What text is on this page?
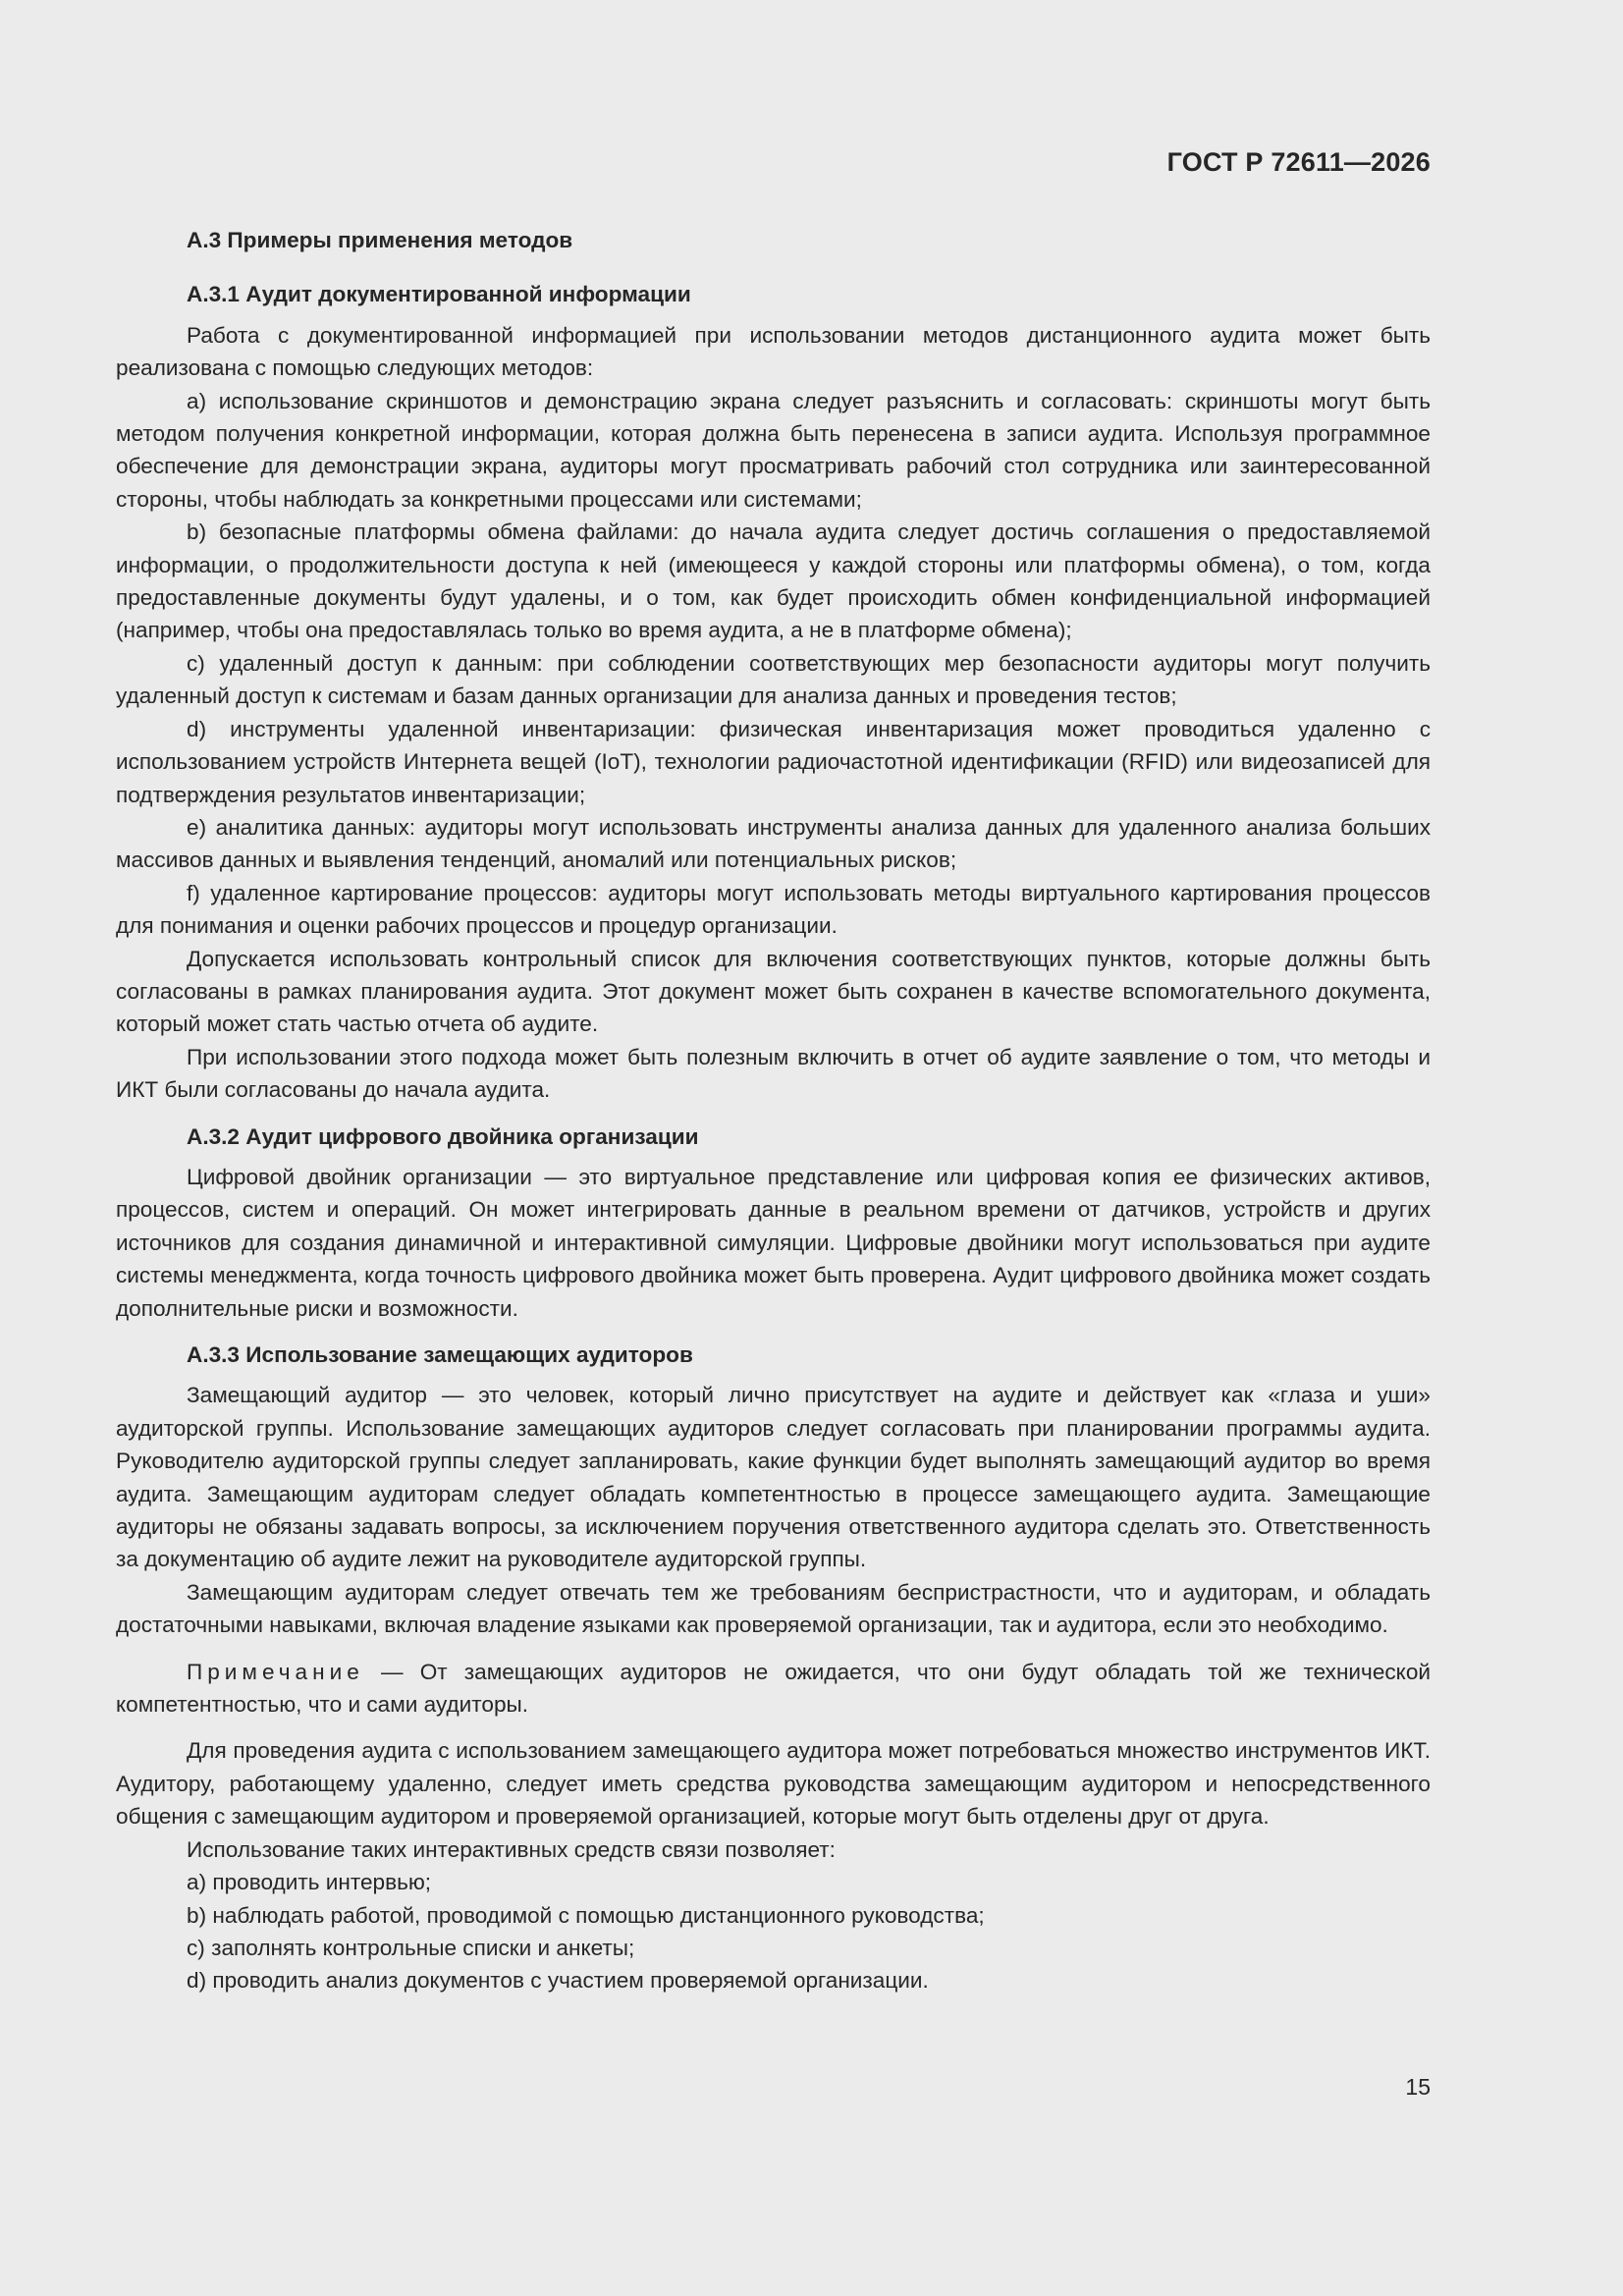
ГОСТ Р 72611—2026
А.3 Примеры применения методов
А.3.1 Аудит документированной информации

Работа с документированной информацией при использовании методов дистанционного аудита может быть реализована с помощью следующих методов:

a) использование скриншотов и демонстрацию экрана следует разъяснить и согласовать: скриншоты могут быть методом получения конкретной информации, которая должна быть перенесена в записи аудита. Используя программное обеспечение для демонстрации экрана, аудиторы могут просматривать рабочий стол сотрудника или заинтересованной стороны, чтобы наблюдать за конкретными процессами или системами;

b) безопасные платформы обмена файлами: до начала аудита следует достичь соглашения о предоставляемой информации, о продолжительности доступа к ней (имеющееся у каждой стороны или платформы обмена), о том, когда предоставленные документы будут удалены, и о том, как будет происходить обмен конфиденциальной информацией (например, чтобы она предоставлялась только во время аудита, а не в платформе обмена);

c) удаленный доступ к данным: при соблюдении соответствующих мер безопасности аудиторы могут получить удаленный доступ к системам и базам данных организации для анализа данных и проведения тестов;

d) инструменты удаленной инвентаризации: физическая инвентаризация может проводиться удаленно с использованием устройств Интернета вещей (IoT), технологии радиочастотной идентификации (RFID) или видеозаписей для подтверждения результатов инвентаризации;

e) аналитика данных: аудиторы могут использовать инструменты анализа данных для удаленного анализа больших массивов данных и выявления тенденций, аномалий или потенциальных рисков;

f) удаленное картирование процессов: аудиторы могут использовать методы виртуального картирования процессов для понимания и оценки рабочих процессов и процедур организации.

Допускается использовать контрольный список для включения соответствующих пунктов, которые должны быть согласованы в рамках планирования аудита. Этот документ может быть сохранен в качестве вспомогательного документа, который может стать частью отчета об аудите.

При использовании этого подхода может быть полезным включить в отчет об аудите заявление о том, что методы и ИКТ были согласованы до начала аудита.

А.3.2 Аудит цифрового двойника организации

Цифровой двойник организации — это виртуальное представление или цифровая копия ее физических активов, процессов, систем и операций. Он может интегрировать данные в реальном времени от датчиков, устройств и других источников для создания динамичной и интерактивной симуляции. Цифровые двойники могут использоваться при аудите системы менеджмента, когда точность цифрового двойника может быть проверена. Аудит цифрового двойника может создать дополнительные риски и возможности.

А.3.3 Использование замещающих аудиторов

Замещающий аудитор — это человек, который лично присутствует на аудите и действует как «глаза и уши» аудиторской группы. Использование замещающих аудиторов следует согласовать при планировании программы аудита. Руководителю аудиторской группы следует запланировать, какие функции будет выполнять замещающий аудитор во время аудита. Замещающим аудиторам следует обладать компетентностью в процессе замещающего аудита. Замещающие аудиторы не обязаны задавать вопросы, за исключением поручения ответственного аудитора сделать это. Ответственность за документацию об аудите лежит на руководителе аудиторской группы.

Замещающим аудиторам следует отвечать тем же требованиям беспристрастности, что и аудиторам, и обладать достаточными навыками, включая владение языками как проверяемой организации, так и аудитора, если это необходимо.

Примечание — От замещающих аудиторов не ожидается, что они будут обладать той же технической компетентностью, что и сами аудиторы.

Для проведения аудита с использованием замещающего аудитора может потребоваться множество инструментов ИКТ. Аудитору, работающему удаленно, следует иметь средства руководства замещающим аудитором и непосредственного общения с замещающим аудитором и проверяемой организацией, которые могут быть отделены друг от друга.

Использование таких интерактивных средств связи позволяет:

a) проводить интервью;

b) наблюдать работой, проводимой с помощью дистанционного руководства;

c) заполнять контрольные списки и анкеты;

d) проводить анализ документов с участием проверяемой организации.

15
